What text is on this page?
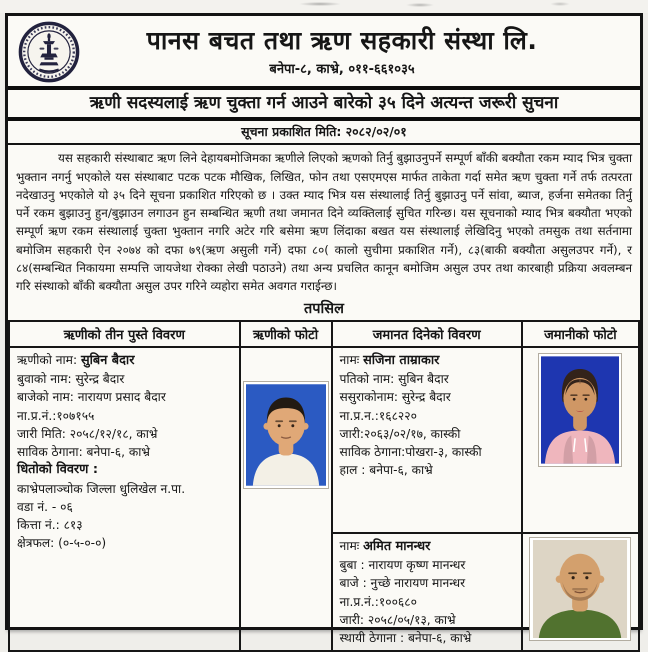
पानस बचत तथा ऋण सहकारी संस्था लि.
बनेपा-८, काभ्रे, ०११-६६१०३५
ऋणी सदस्यलाई ऋण चुक्ता गर्न आउने बारेको ३५ दिने अत्यन्त जरूरी सुचना
सूचना प्रकाशित मिति: २०८२/०२/०१

यस सहकारी संस्थाबाट ऋण लिने देहायबमोजिमका ऋणीले लिएको ऋणको तिर्नु बुझाउनुपर्ने सम्पूर्ण बाँकी बक्यौता रकम म्याद भित्र चुक्ता भुक्तान नगर्नु भएकोले यस संस्थाबाट पटक पटक मौखिक, लिखित, फोन तथा एसएमएस मार्फत ताकेता गर्दा समेत ऋण चुक्ता गर्ने तर्फ तत्परता नदेखाउनु भएकोले यो ३५ दिने सूचना प्रकाशित गरिएको छ । उक्त म्याद भित्र यस संस्थालाई तिर्नु बुझाउनु पर्ने सांवा, ब्याज, हर्जना समेतका तिर्नु पर्ने रकम बुझाउनु हुन/बुझाउन लगाउन हुन सम्बन्धित ऋणी तथा जमानत दिने व्यक्तिलाई सुचित गरिन्छ। यस सूचनाको म्याद भित्र बक्यौता भएको सम्पूर्ण ऋण रकम संस्थालाई चुक्ता भुक्तान नगरि अटेर गरि बसेमा ऋण लिंदाका बखत यस संस्थालाई लेखिदिनु भएको तमसुक तथा सर्तनामा बमोजिम सहकारी ऐन २०७४ को दफा ७९(ऋण असुली गर्ने) दफा ८०( कालो सुचीमा प्रकाशित गर्ने), ८३(बाकी बक्यौता असुलउपर गर्ने), र ८४(सम्बन्धित निकायमा सम्पत्ति जायजेथा रोक्का लेखी पठाउने) तथा अन्य प्रचलित कानून बमोजिम असुल उपर तथा कारबाही प्रक्रिया अवलम्बन गरि संस्थाको बाँकी बक्यौता असुल उपर गरिने व्यहोरा समेत अवगत गराईन्छ।

तपसिल
ऋणीको तीन पुस्ते विवरण	ऋणीको फोटो	जमानत दिनेको विवरण	जमानीको फोटो

ऋणीको नाम: सुबिन बैदार
बुवाको नाम: सुरेन्द्र बैदार
बाजेको नाम: नारायण प्रसाद बैदार
ना.प्र.नं.:१०७१५५
जारी मिति: २०५८/१२/१८, काभ्रे
साविक ठेगाना: बनेपा-६, काभ्रे
धितोको विवरण :
काभ्रेपलाञ्चोक जिल्ला धुलिखेल न.पा.
वडा नं. - ०६
कित्ता नं.: ८१३
क्षेत्रफल: (०-५-०-०)

नामः सजिना ताम्राकार
पतिको नाम: सुबिन बैदार
ससुराकोनाम: सुरेन्द्र बैदार
ना.प्र.न.:१६८२२०
जारी:२०६३/०२/१७, कास्की
साविक ठेगाना:पोखरा-३, कास्की
हाल : बनेपा-६, काभ्रे

नामः अमित मानन्धर
बुबा : नारायण कृष्ण मानन्धर
बाजे : नुच्छे नारायण मानन्धर
ना.प्र.नं.:१००६८०
जारी: २०५८/०५/१३, काभ्रे
स्थायी ठेगाना : बनेपा-६, काभ्रे
